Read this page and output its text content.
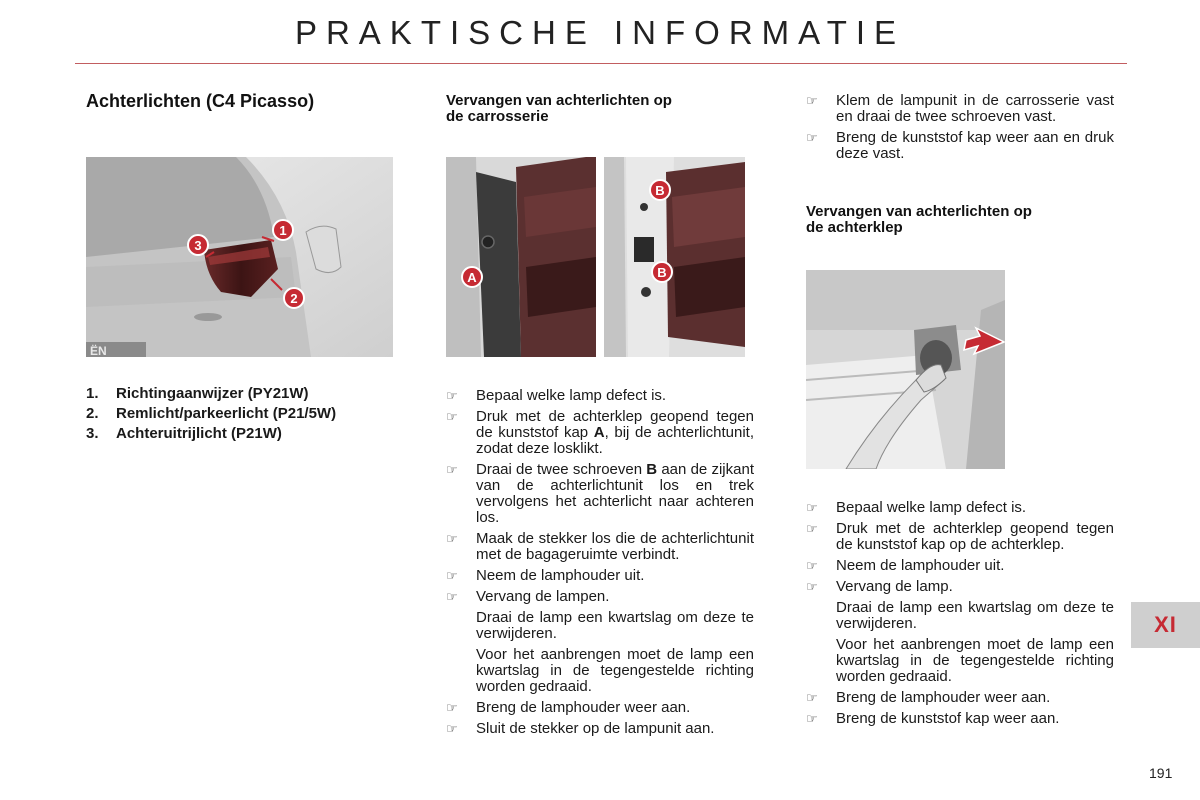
PRAKTISCHE INFORMATIE
Achterlichten (C4 Picasso)	Vervangen van achterlichten op
de carrosserie
Vervangen van achterlichten op
de achterklep
ËN
1
2
3
A
B
B
1. Richtingaanwijzer (PY21W)
2. Remlicht/parkeerlicht (P21/5W)
3. Achteruitrijlicht (P21W)
☞ Bepaal welke lamp defect is.
☞ Druk met de achterklep geopend tegen de kunststof kap A, bij de achterlichtunit, zodat deze losklikt.
☞ Draai de twee schroeven B aan de zijkant van de achterlichtunit los en trek vervolgens het achterlicht naar achteren los.
☞ Maak de stekker los die de achterlichtunit met de bagageruimte verbindt.
☞ Neem de lamphouder uit.
☞ Vervang de lampen.

Draai de lamp een kwartslag om deze te verwijderen.

Voor het aanbrengen moet de lamp een kwartslag in de tegengestelde richting worden gedraaid.

☞ Breng de lamphouder weer aan.
☞ Sluit de stekker op de lampunit aan.
☞ Klem de lampunit in de carrosserie vast en draai de twee schroeven vast.
☞ Breng de kunststof kap weer aan en druk deze vast.
☞ Bepaal welke lamp defect is.
☞ Druk met de achterklep geopend tegen de kunststof kap op de achterklep.
☞ Neem de lamphouder uit.
☞ Vervang de lamp.

Draai de lamp een kwartslag om deze te verwijderen.

Voor het aanbrengen moet de lamp een kwartslag in de tegengestelde richting worden gedraaid.

☞ Breng de lamphouder weer aan.
☞ Breng de kunststof kap weer aan.
XI
191
